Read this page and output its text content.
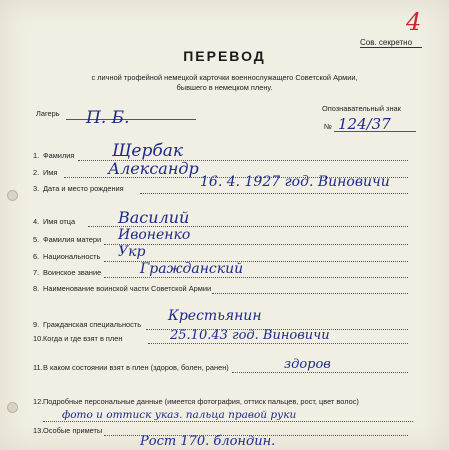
4
Сов. секретно
ПЕРЕВОД
с личной трофейной немецкой карточки военнослужащего Советской Армии,
бывшего в немецком плену.
Лагерь П. Б.	Опознавательный знак
№ 124/37
1. Фамилия Щербак
2. Имя	Александр
3. Дата и место рождения	16. 4. 1927 год. Виновичи
4. Имя отца	Василий
5. Фамилия матери Ивоненко
6. Национальность Укр
7. Воинское звание	Гражданский
8. Наименование воинской части Советской Армии
9. Гражданская специальность
Крестьянин
10. Когда и где взят в плен	25.10.43 год. Виновичи
11. В каком состоянии взят в плен (здоров, болен, ранен)	здоров
12. Подробные персональные данные (имеется фотография, оттиск пальцев, рост, цвет волос)
фото и оттиск указ. пальца правой руки
13. Особые приметы
Рост 170. блондин.
